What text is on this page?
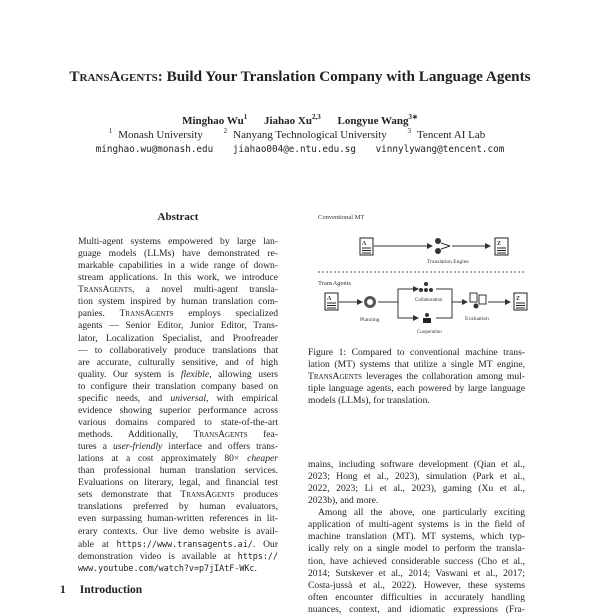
TransAgents: Build Your Translation Company with Language Agents
Minghao Wu$^1$ Jiahao Xu$^{2,3}$ Longyue Wang$^{3∗}$
$^1$ Monash University	$^2$ Nanyang Technological University	$^3$ Tencent AI Lab
minghao.wu@monash.edu jiahao004@e.ntu.edu.sg vinnylywang@tencent.com
Abstract
Multi-agent systems empowered by large lan-
guage models (LLMs) have demonstrated re-
markable capabilities in a wide range of down-
stream applications. In this work, we introduce
TransAgents, a novel multi-agent transla-
tion system inspired by human translation com-
panies. TransAgents employs specialized
agents — Senior Editor, Junior Editor, Trans-
lator, Localization Specialist, and Proofreader
— to collaboratively produce translations that
are accurate, culturally sensitive, and of high
quality. Our system is flexible, allowing users
to configure their translation company based on
specific needs, and universal, with empirical
evidence showing superior performance across
various domains compared to state-of-the-art
methods. Additionally, TransAgents fea-
tures a user-friendly interface and offers trans-
lations at a cost approximately 80× cheaper
than professional human translation services.
Evaluations on literary, legal, and financial test
sets demonstrate that TransAgents produces
translations preferred by human evaluators,
even surpassing human-written references in lit-
erary contexts. Our live demo website is avail-
able at https://www.transagents.ai/. Our
demonstration video is available at https://
www.youtube.com/watch?v=p7jIAtF-WKc.
1 Introduction
Conventional MT
A
Translation Engine
Z
TransAgents
A
Planning
Collaboration
Cooperation
Evaluation
Z
Figure 1: Compared to conventional machine trans-
lation (MT) systems that utilize a single MT engine,
TransAgents leverages the collaboration among mul-
tiple language agents, each powered by large language
models (LLMs), for translation.
mains, including software development (Qian et al.,
2023; Hong et al., 2023), simulation (Park et al.,
2022, 2023; Li et al., 2023), gaming (Xu et al.,
2023b), and more.
Among all the above, one particularly exciting
application of multi-agent systems is in the field of
machine translation (MT). MT systems, which typ-
ically rely on a single model to perform the transla-
tion, have achieved considerable success (Cho et al.,
2014; Sutskever et al., 2014; Vaswani et al., 2017;
Costa-jussà et al., 2022). However, these systems
often encounter difficulties in accurately handling
nuances, context, and idiomatic expressions (Fra-
